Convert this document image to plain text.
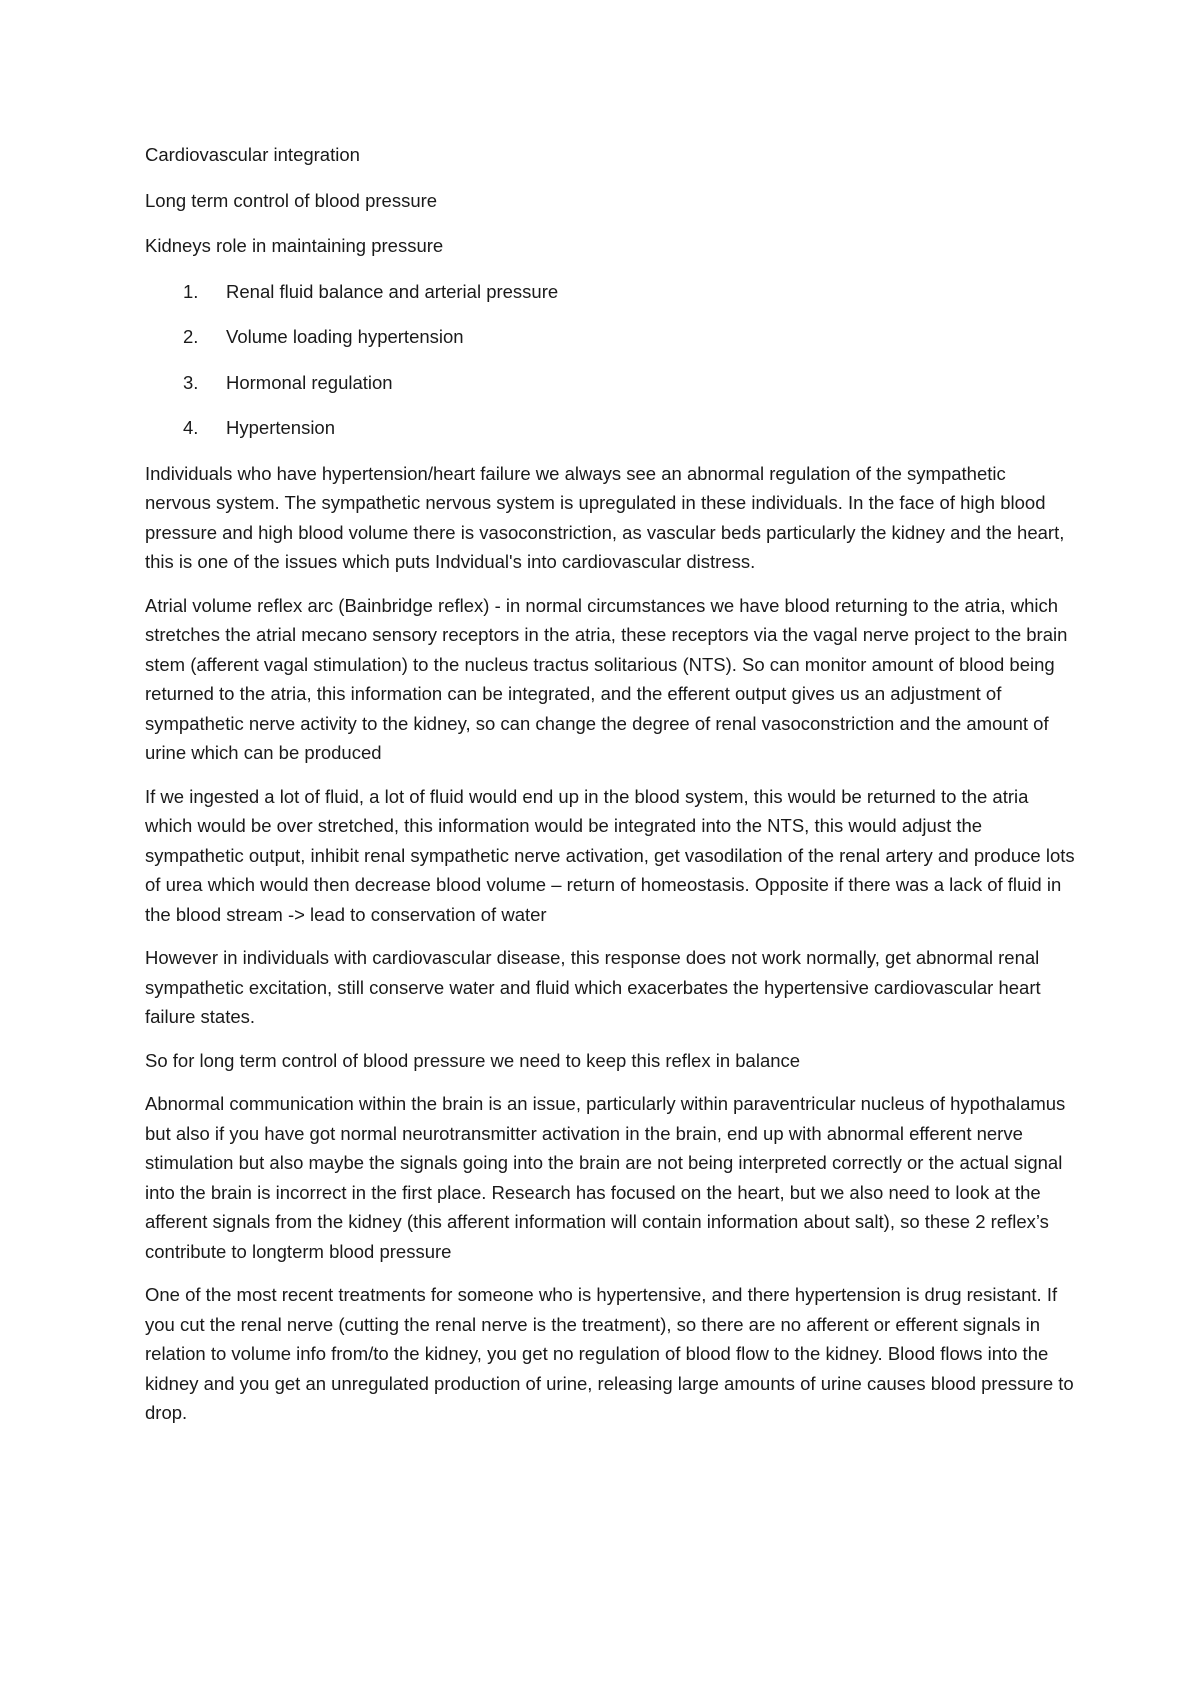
Cardiovascular integration

Long term control of blood pressure

Kidneys role in maintaining pressure

1.	Renal fluid balance and arterial pressure
2.	Volume loading hypertension
3.	Hormonal regulation
4.	Hypertension

Individuals who have hypertension/heart failure we always see an abnormal regulation of the sympathetic nervous system. The sympathetic nervous system is upregulated in these individuals. In the face of high blood pressure and high blood volume there is vasoconstriction, as vascular beds particularly the kidney and the heart, this is one of the issues which puts Indvidual's into cardiovascular distress.

Atrial volume reflex arc (Bainbridge reflex) - in normal circumstances we have blood returning to the atria, which stretches the atrial mecano sensory receptors in the atria, these receptors via the vagal nerve project to the brain stem (afferent vagal stimulation) to the nucleus tractus solitarious (NTS). So can monitor amount of blood being returned to the atria, this information can be integrated, and the efferent output gives us an adjustment of sympathetic nerve activity to the kidney, so can change the degree of renal vasoconstriction and the amount of urine which can be produced

If we ingested a lot of fluid, a lot of fluid would end up in the blood system, this would be returned to the atria which would be over stretched, this information would be integrated into the NTS, this would adjust the sympathetic output, inhibit renal sympathetic nerve activation, get vasodilation of the renal artery and produce lots of urea which would then decrease blood volume – return of homeostasis. Opposite if there was a lack of fluid in the blood stream -> lead to conservation of water

However in individuals with cardiovascular disease, this response does not work normally, get abnormal renal sympathetic excitation, still conserve water and fluid which exacerbates the hypertensive cardiovascular heart failure states.

So for long term control of blood pressure we need to keep this reflex in balance

Abnormal communication within the brain is an issue, particularly within paraventricular nucleus of hypothalamus but also if you have got normal neurotransmitter activation in the brain, end up with abnormal efferent nerve stimulation but also maybe the signals going into the brain are not being interpreted correctly or the actual signal into the brain is incorrect in the first place. Research has focused on the heart, but we also need to look at the afferent signals from the kidney (this afferent information will contain information about salt), so these 2 reflex’s contribute to longterm blood pressure

One of the most recent treatments for someone who is hypertensive, and there hypertension is drug resistant. If you cut the renal nerve (cutting the renal nerve is the treatment), so there are no afferent or efferent signals in relation to volume info from/to the kidney, you get no regulation of blood flow to the kidney. Blood flows into the kidney and you get an unregulated production of urine, releasing large amounts of urine causes blood pressure to drop.
